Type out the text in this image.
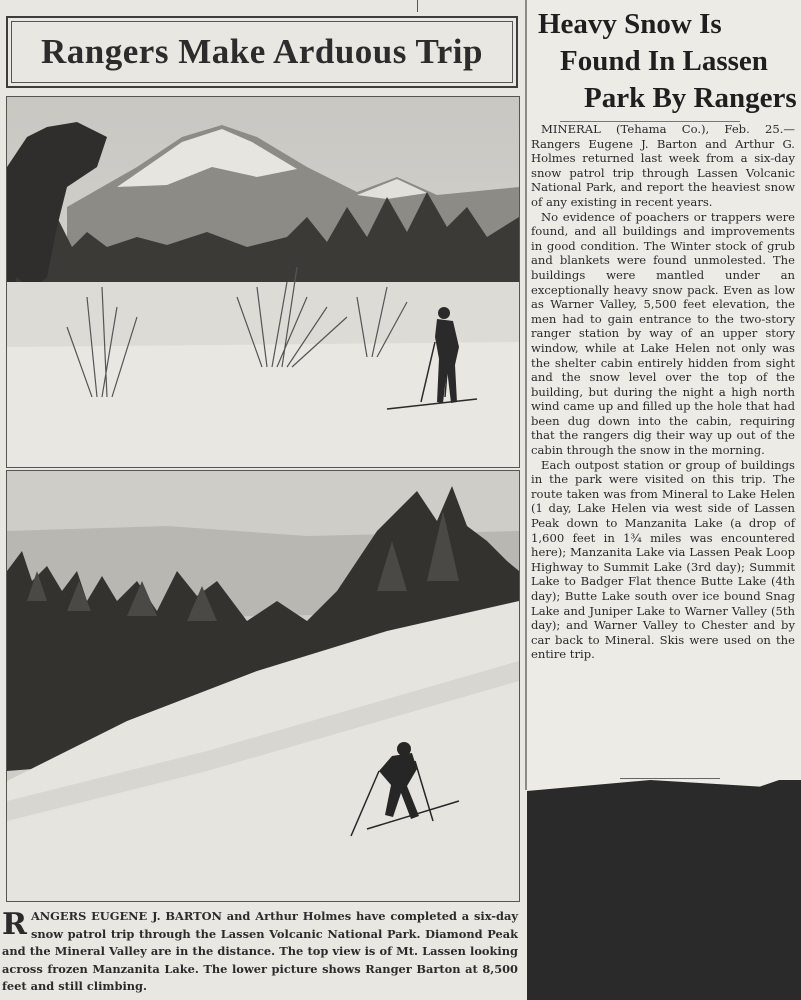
Rangers Make Arduous Trip
RANGERS EUGENE J. BARTON and Arthur Holmes have completed a six-day snow patrol trip through the Lassen Volcanic National Park. Diamond Peak and the Mineral Valley are in the distance. The top view is of Mt. Lassen looking across frozen Manzanita Lake. The lower picture shows Ranger Barton at 8,500 feet and still climbing.
Heavy Snow Is
Found In Lassen
Park By Rangers

MINERAL (Tehama Co.), Feb. 25.—Rangers Eugene J. Barton and Arthur G. Holmes returned last week from a six-day snow patrol trip through Lassen Volcanic National Park, and report the heaviest snow of any existing in recent years.

No evidence of poachers or trappers were found, and all buildings and improvements in good condition. The Winter stock of grub and blankets were found unmolested. The buildings were mantled under an exceptionally heavy snow pack. Even as low as Warner Valley, 5,500 feet elevation, the men had to gain entrance to the two-story ranger station by way of an upper story window, while at Lake Helen not only was the shelter cabin entirely hidden from sight and the snow level over the top of the building, but during the night a high north wind came up and filled up the hole that had been dug down into the cabin, requiring that the rangers dig their way up out of the cabin through the snow in the morning.

Each outpost station or group of buildings in the park were visited on this trip. The route taken was from Mineral to Lake Helen (1 day, Lake Helen via west side of Lassen Peak down to Manzanita Lake (a drop of 1,600 feet in 1¾ miles was encountered here); Manzanita Lake via Lassen Peak Loop Highway to Summit Lake (3rd day); Summit Lake to Badger Flat thence Butte Lake (4th day); Butte Lake south over ice bound Snag Lake and Juniper Lake to Warner Valley (5th day); and Warner Valley to Chester and by car back to Mineral. Skis were used on the entire trip.
